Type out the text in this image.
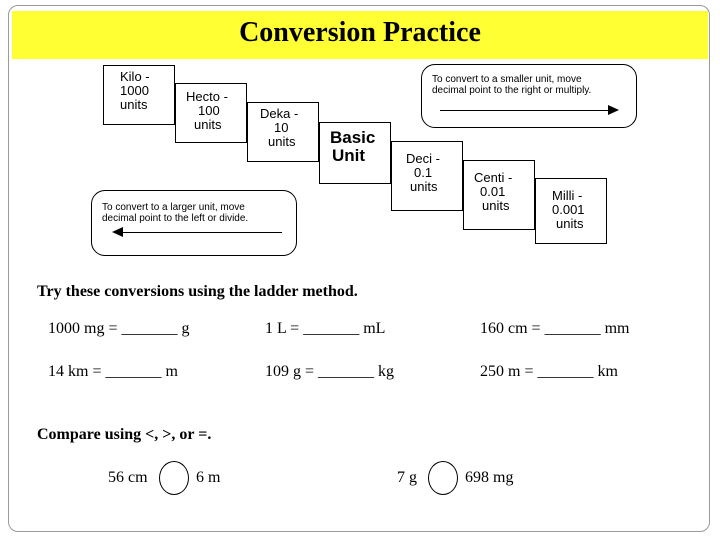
Conversion Practice
Kilo -
1000
units
Hecto -
100
units
Deka -
10
units	Basic
Unit	Deci -
0.1
units
Centi -
0.01
units
Milli -
0.001
units
To convert to a smaller unit, move
decimal point to the right or multiply.
To convert to a larger unit, move
decimal point to the left or divide.
Try these conversions using the ladder method.
1000 mg = _______ g	1 L = _______ mL	160 cm = _______ mm
14 km = _______ m	109 g = _______ kg	250 m = _______ km
Compare using <, >, or =.
56 cm	6 m	7 g	698 mg
